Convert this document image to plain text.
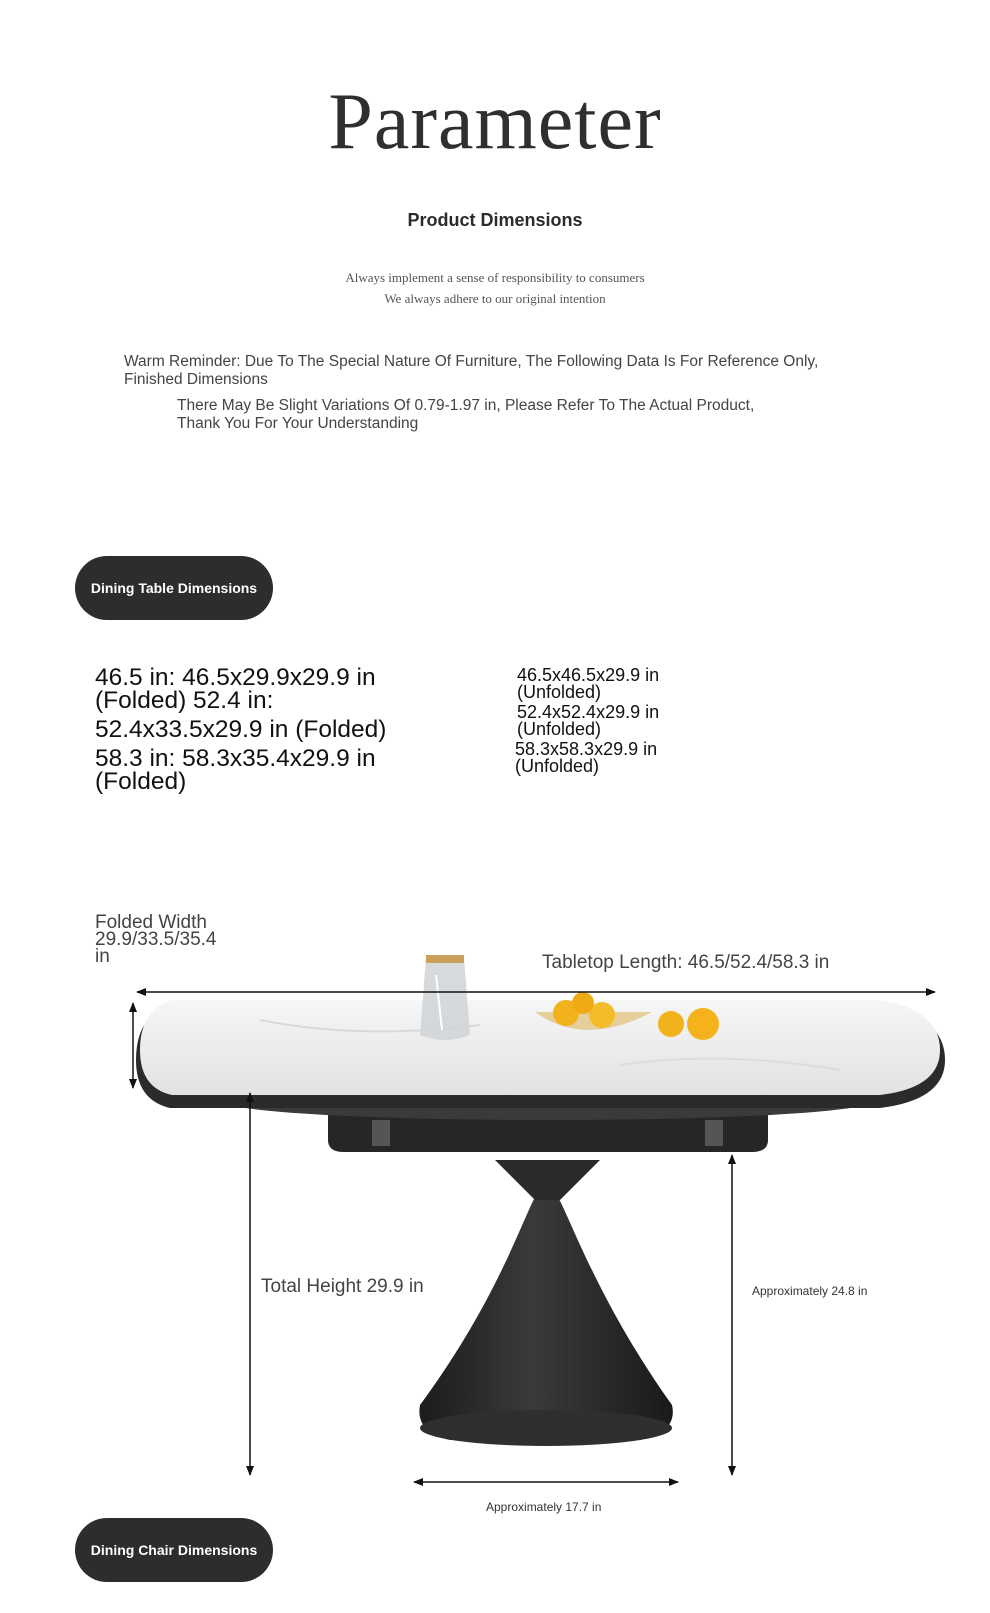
Parameter
Product Dimensions
Always implement a sense of responsibility to consumers
We always adhere to our original intention
Warm Reminder: Due To The Special Nature Of Furniture, The Following Data Is For Reference Only,
Finished Dimensions
There May Be Slight Variations Of 0.79-1.97 in, Please Refer To The Actual Product,
Thank You For Your Understanding
Dining Table Dimensions
46.5 in: 46.5x29.9x29.9 in
(Folded) 52.4 in:
52.4x33.5x29.9 in (Folded)
58.3 in: 58.3x35.4x29.9 in
(Folded)
46.5x46.5x29.9 in
(Unfolded)
52.4x52.4x29.9 in
(Unfolded)
58.3x58.3x29.9 in
(Unfolded)
Folded Width
29.9/33.5/35.4
in	Tabletop Length: 46.5/52.4/58.3 in
Total Height 29.9 in	Approximately 24.8 in
Approximately 17.7 in
Dining Chair Dimensions
